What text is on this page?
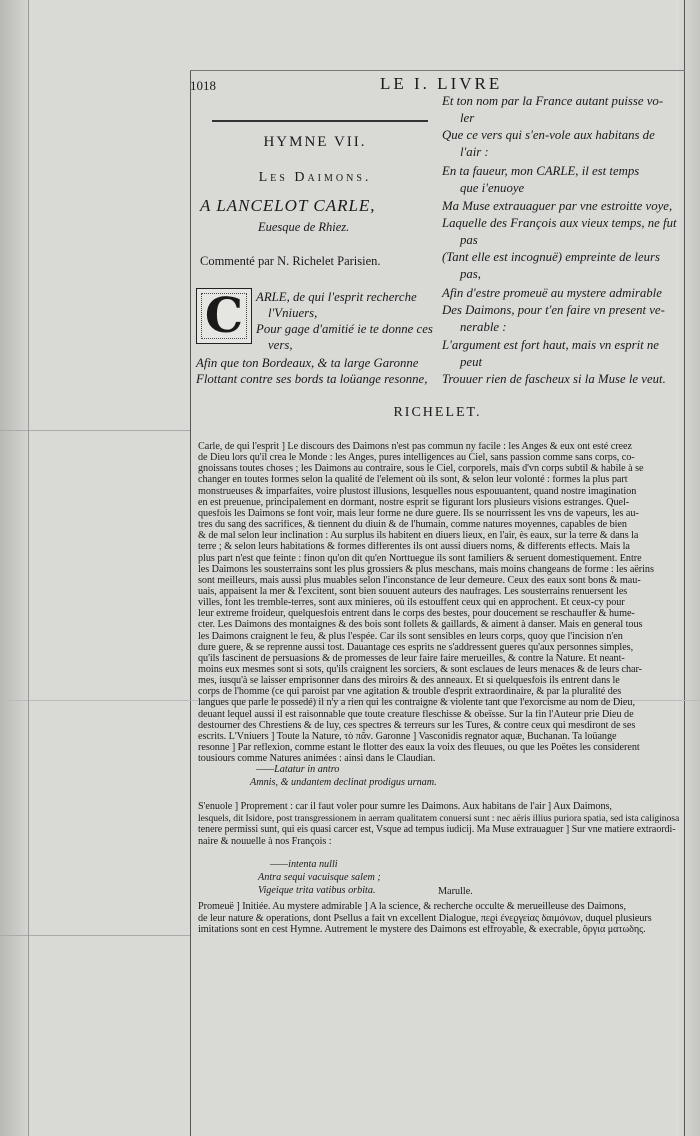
1018	LE I. LIVRE
HYMNE VII.
Les Daimons.
A LANCELOT CARLE,
Euesque de Rhiez.
Commenté par N. Richelet Parisien.
C ARLE, de qui l'esprit recherche
l'Vniuers,
Pour gage d'amitié ie te donne ces
vers,
Afin que ton Bordeaux, & ta large Garonne
Flottant contre ses bords ta loüange resonne,
Et ton nom par la France autant puisse vo-
ler
Que ce vers qui s'en-vole aux habitans de
l'air :
En ta faueur, mon CARLE, il est temps
que i'enuoye
Ma Muse extrauaguer par vne estroitte voye,
Laquelle des François aux vieux temps, ne fut
pas
(Tant elle est incognuë) empreinte de leurs
pas,
Afin d'estre promeuë au mystere admirable
Des Daimons, pour t'en faire vn present ve-
nerable :
L'argument est fort haut, mais vn esprit ne
peut
Trouuer rien de fascheux si la Muse le veut.
RICHELET.
Carle, de qui l'esprit ] Le discours des Daimons n'est pas commun ny facile : les Anges & eux ont esté creez
de Dieu lors qu'il crea le Monde : les Anges, pures intelligences au Ciel, sans passion comme sans corps, co-
gnoissans toutes choses ; les Daimons au contraire, sous le Ciel, corporels, mais d'vn corps subtil & habile à se
changer en toutes formes selon la qualité de l'element où ils sont, & selon leur volonté : formes la plus part
monstrueuses & imparfaites, voire plustost illusions, lesquelles nous espouuantent, quand nostre imagination
en est preuenue, principalement en dormant, nostre esprit se figurant lors plusieurs visions estranges. Quel-
quesfois les Daimons se font voir, mais leur forme ne dure guere. Ils se nourrissent les vns de vapeurs, les au-
tres du sang des sacrifices, & tiennent du diuin & de l'humain, comme natures moyennes, capables de bien
& de mal selon leur inclination : Au surplus ils habitent en diuers lieux, en l'air, ès eaux, sur la terre & dans la
terre ; & selon leurs habitations & formes differentes ils ont aussi diuers noms, & differents effects. Mais la
plus part n'est que feinte : finon qu'on dit qu'en Norttuegue ils sont familiers & seruent domestiquement. Entre
les Daimons les sousterrains sont les plus grossiers & plus meschans, mais moins changeans de forme : les aërins
sont meilleurs, mais aussi plus muables selon l'inconstance de leur demeure. Ceux des eaux sont bons & mau-
uais, appaisent la mer & l'excitent, sont bien souuent auteurs des naufrages. Les sousterrains renuersent les
villes, font les tremble-terres, sont aux minieres, où ils estouffent ceux qui en approchent. Et ceux-cy pour
leur extreme froideur, quelquesfois entrent dans le corps des bestes, pour doucement se reschauffer & hume-
cter. Les Daimons des montaignes & des bois sont follets & gaillards, & aiment à danser. Mais en general tous
les Daimons craignent le feu, & plus l'espée. Car ils sont sensibles en leurs corps, quoy que l'incision n'en
dure guere, & se reprenne aussi tost. Dauantage ces esprits ne s'addressent gueres qu'aux personnes simples,
qu'ils fascinent de persuasions & de promesses de leur faire faire merueilles, & contre la Nature. Et neant-
moins eux mesmes sont si sots, qu'ils craignent les sorciers, & sont esclaues de leurs menaces & de leurs char-
mes, iusqu'à se laisser emprisonner dans des miroirs & des anneaux. Et si quelquesfois ils entrent dans le
corps de l'homme (ce qui paroist par vne agitation & trouble d'esprit extraordinaire, & par la pluralité des
langues que parle le possedé) il n'y a rien qui les contraigne & violente tant que l'exorcisme au nom de Dieu,
deuant lequel aussi il est raisonnable que toute creature fleschisse & obeïsse. Sur la fin l'Auteur prie Dieu de
destourner des Chrestiens & de luy, ces spectres & terreurs sur les Tures, & contre ceux qui mesdiront de ses
escrits. L'Vniuers ] Toute la Nature, τὸ πᾶν. Garonne ] Vasconidis regnator aquæ, Buchanan. Ta loüange
resonne ] Par reflexion, comme estant le flotter des eaux la voix des fleuues, ou que les Poëtes les considerent
tousiours comme Natures animées : ainsi dans le Claudian.
——Latatur in antro
Amnis, & undantem declinat prodigus urnam.
S'enuole ] Proprement : car il faut voler pour sumre les Daimons. Aux habitans de l'air ] Aux Daimons,
lesquels, dit Isidore, post transgressionem in aerram qualitatem conuersi sunt : nec aëris illius puriora spatia, sed ista caliginosa
tenere permissi sunt, qui eis quasi carcer est, Vsque ad tempus iudicij. Ma Muse extrauaguer ] Sur vne matiere extraordi-
naire & nouuelle à nos François :
——intenta nulli
Antra sequi vacuisque salem ;
Vigeique trita vatibus orbita.	Marulle.
Promeuë ] Initiée. Au mystere admirable ] A la science, & recherche occulte & merueilleuse des Daimons,
de leur nature & operations, dont Psellus a fait vn excellent Dialogue, πεϱὶ ἐνεϱγείας δαιμόνων, duquel plusieurs
imitations sont en cest Hymne. Autrement le mystere des Daimons est effroyable, & execrable, ὄργια ματωδης.
